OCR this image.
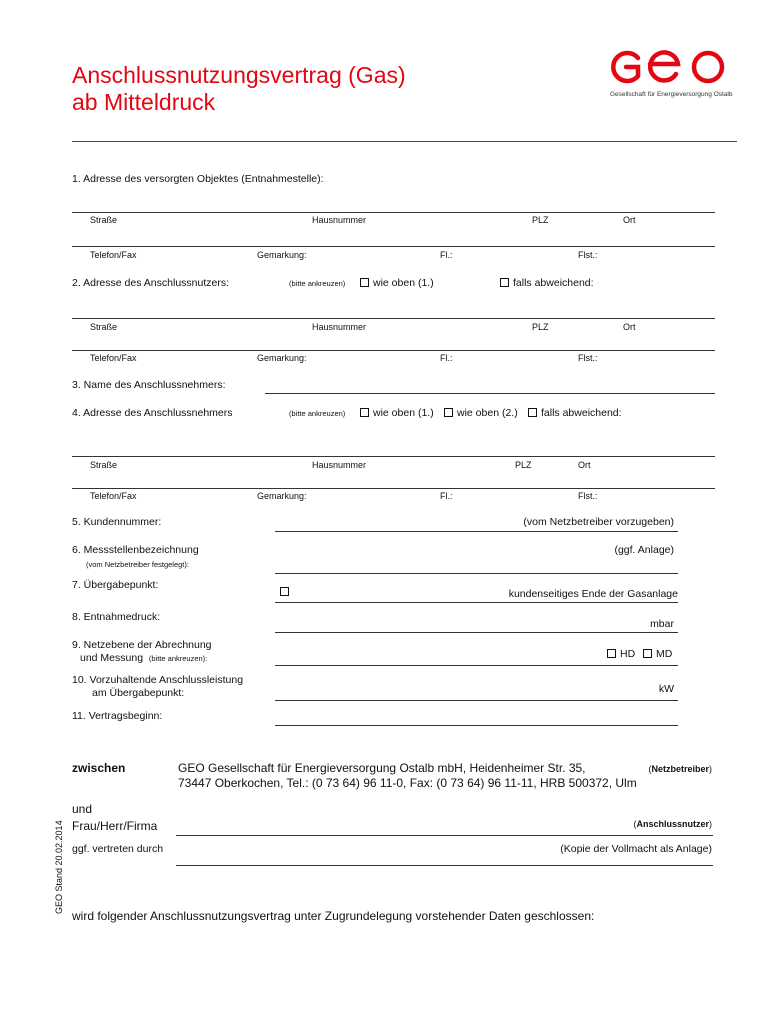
Anschlussnutzungsvertrag (Gas)
ab Mitteldruck	Gesellschaft für Energieversorgung Ostalb
1. Adresse des versorgten Objektes (Entnahmestelle):
Straße	Hausnummer	PLZ	Ort
Telefon/Fax	Gemarkung:	Fl.:	Flst.:
2. Adresse des Anschlussnutzers:	(bitte ankreuzen)	wie oben (1.)	falls abweichend:
Straße	Hausnummer	PLZ	Ort
Telefon/Fax	Gemarkung:	Fl.:	Flst.:
3. Name des Anschlussnehmers:
4. Adresse des Anschlussnehmers	(bitte ankreuzen)	wie oben (1.)	wie oben (2.)	falls abweichend:
Straße	Hausnummer	PLZ	Ort
Telefon/Fax	Gemarkung:	Fl.:	Flst.:
5. Kundennummer:	(vom Netzbetreiber vorzugeben)
6. Messstellenbezeichnung	(ggf. Anlage)
(vom Netzbetreiber festgelegt):
7. Übergabepunkt:
kundenseitiges Ende der Gasanlage
8. Entnahmedruck:
mbar
9. Netzebene der Abrechnung
und Messung (bitte ankreuzen):	HD	MD
10. Vorzuhaltende Anschlussleistung
am Übergabepunkt:	kW
11. Vertragsbeginn:
zwischen	GEO Gesellschaft für Energieversorgung Ostalb mbH, Heidenheimer Str. 35,	(Netzbetreiber)
73447 Oberkochen, Tel.: (0 73 64) 96 11-0, Fax: (0 73 64) 96 11-11, HRB 500372, Ulm
und
Frau/Herr/Firma	(Anschlussnutzer)
ggf. vertreten durch	(Kopie der Vollmacht als Anlage)
wird folgender Anschlussnutzungsvertrag unter Zugrundelegung vorstehender Daten geschlossen:
GEO Stand 20.02.2014
